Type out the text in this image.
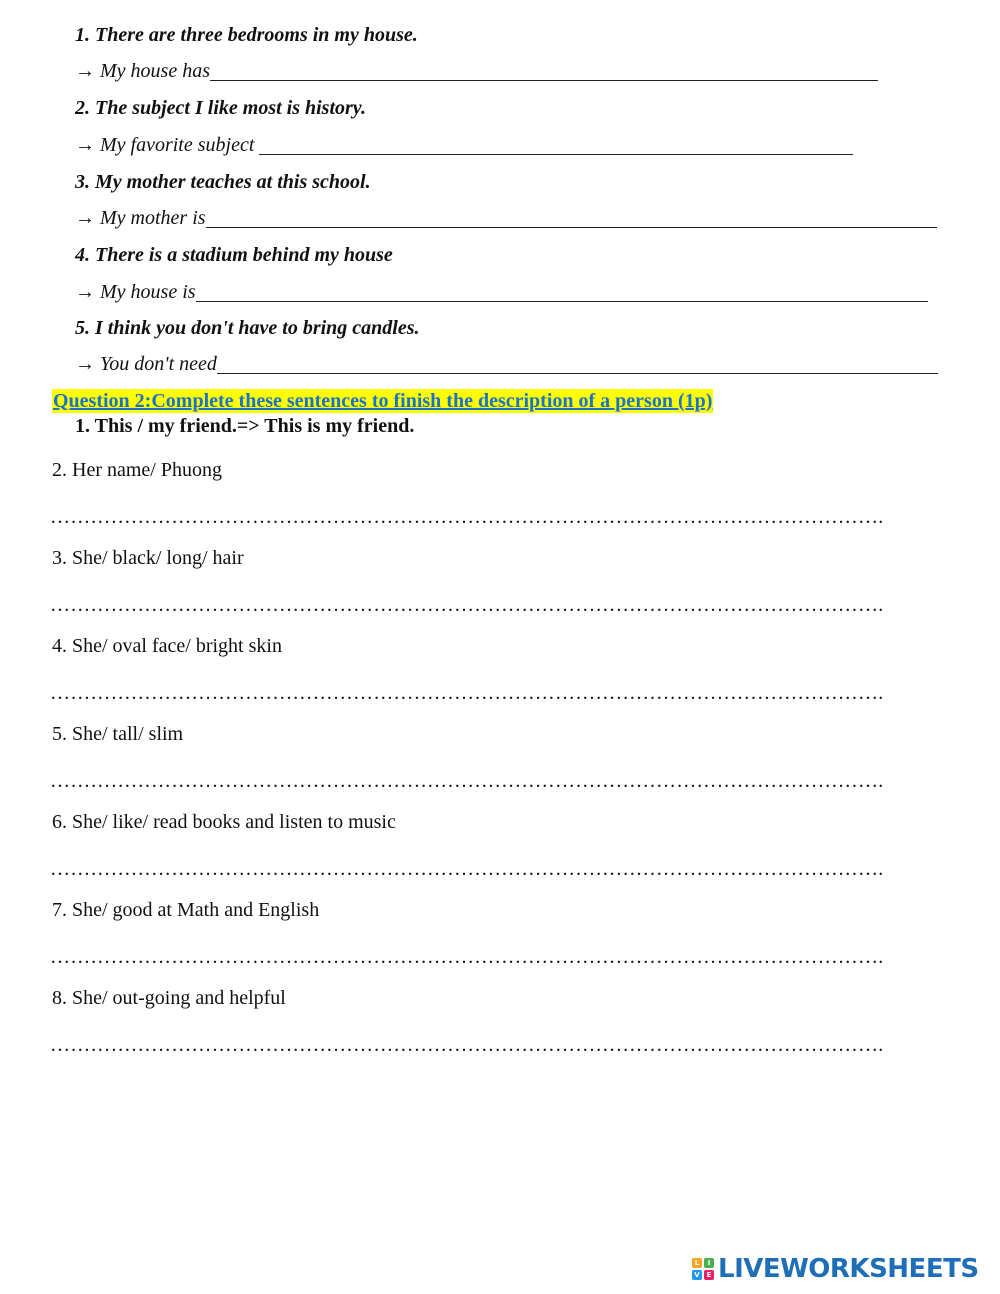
1. There are three bedrooms in my house.
→ My house has
2. The subject I like most is history.
→ My favorite subject
3. My mother teaches at this school.
→ My mother is
4. There is a stadium behind my house
→ My house is
5. I think you don't have to bring candles.
→ You don't need
Question 2:Complete these sentences to finish the description of a person (1p)
1. This / my friend.=> This is my friend.
2. Her name/ Phuong
…………………………………………………………………………………………………………….
3. She/ black/ long/ hair
…………………………………………………………………………………………………………….
4. She/ oval face/ bright skin
…………………………………………………………………………………………………………….
5. She/ tall/ slim
…………………………………………………………………………………………………………….
6. She/ like/ read books and listen to music
…………………………………………………………………………………………………………….
7. She/ good at Math and English
…………………………………………………………………………………………………………….
8. She/ out-going and helpful
…………………………………………………………………………………………………………….
L	I
V E LIVEWORKSHEETS
